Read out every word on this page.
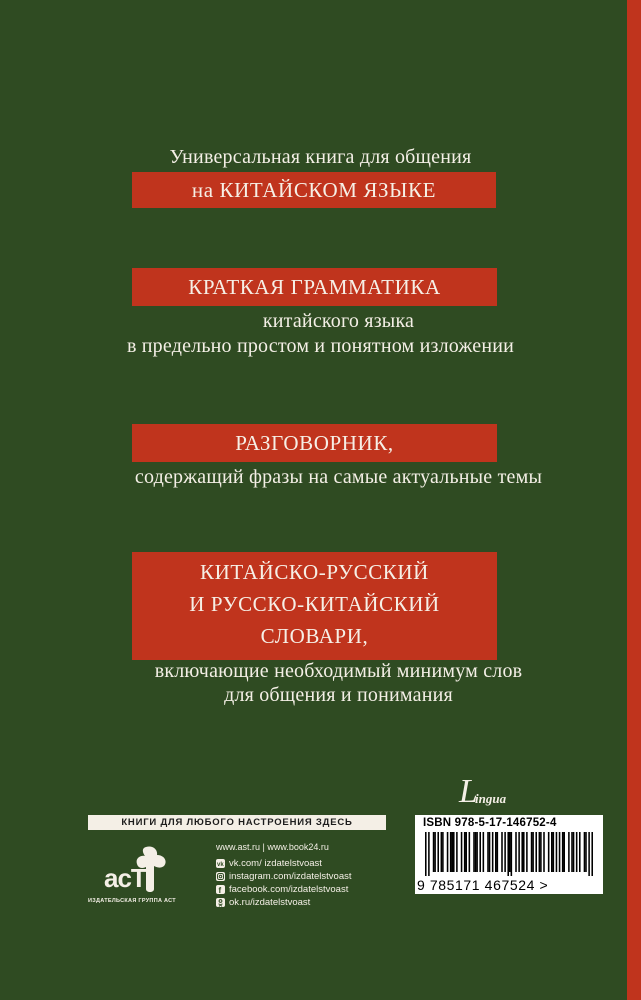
Универсальная книга для общения
на КИТАЙСКОМ ЯЗЫКЕ
КРАТКАЯ ГРАММАТИКА
китайского языка
в предельно простом и понятном изложении
РАЗГОВОРНИК,
содержащий фразы на самые актуальные темы
КИТАЙСКО-РУССКИЙ
И РУССКО-КИТАЙСКИЙ
СЛОВАРИ,
включающие необходимый минимум слов
для общения и понимания
L
ingua
КНИГИ ДЛЯ ЛЮБОГО НАСТРОЕНИЯ ЗДЕСЬ
acT
ИЗДАТЕЛЬСКАЯ ГРУППА АСТ
www.ast.ru | www.book24.ru
vk vk.com/ izdatelstvoast
instagram.com/izdatelstvoast
f facebook.com/izdatelstvoast
ok.ru/izdatelstvoast
ISBN 978-5-17-146752-4
9 785171 467524 >
